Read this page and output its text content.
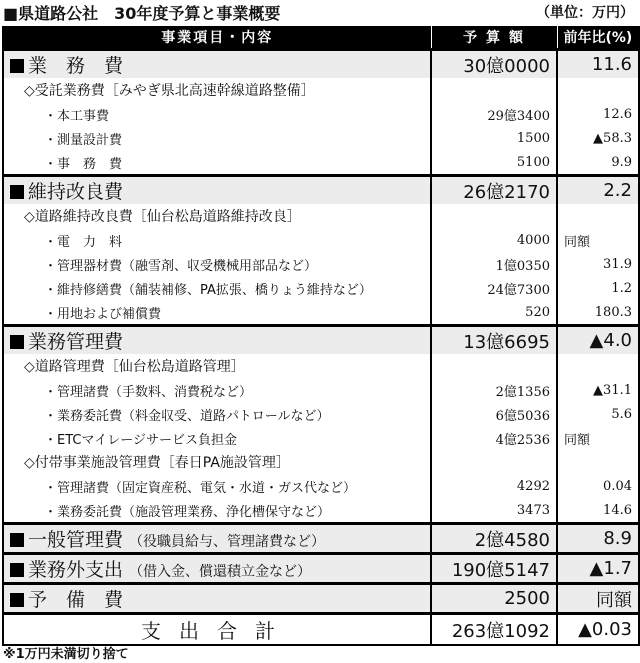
■県道路公社　30年度予算と事業概要	（単位：万円）
事業項目・内容	予 算 額	前年比(%)
業　務　費	30億0000	11.6
◇受託業務費［みやぎ県北高速幹線道路整備］		
・本工事費	29億3400	12.6
・測量設計費	1500	▲58.3
・事　務　費	5100	9.9
維持改良費	26億2170	2.2
◇道路維持改良費［仙台松島道路維持改良］		
・電　力　料	4000	同額
・管理器材費（融雪剤、収受機械用部品など）	1億0350	31.9
・維持修繕費（舗装補修、PA拡張、橋りょう維持など）	24億7300	1.2
・用地および補償費	520	180.3
業務管理費	13億6695	▲4.0
◇道路管理費［仙台松島道路管理］		
・管理諸費（手数料、消費税など）	2億1356	▲31.1
・業務委託費（料金収受、道路パトロールなど）	6億5036	5.6
・ETCマイレージサービス負担金	4億2536	同額
◇付帯事業施設管理費［春日PA施設管理］		
・管理諸費（固定資産税、電気・水道・ガス代など）	4292	0.04
・業務委託費（施設管理業務、浄化槽保守など）	3473	14.6
一般管理費 （役職員給与、管理諸費など）	2億4580	8.9
業務外支出 （借入金、償還積立金など）	190億5147	▲1.7
予　備　費	2500	同額
支出合計	263億1092	▲0.03
※1万円未満切り捨て
